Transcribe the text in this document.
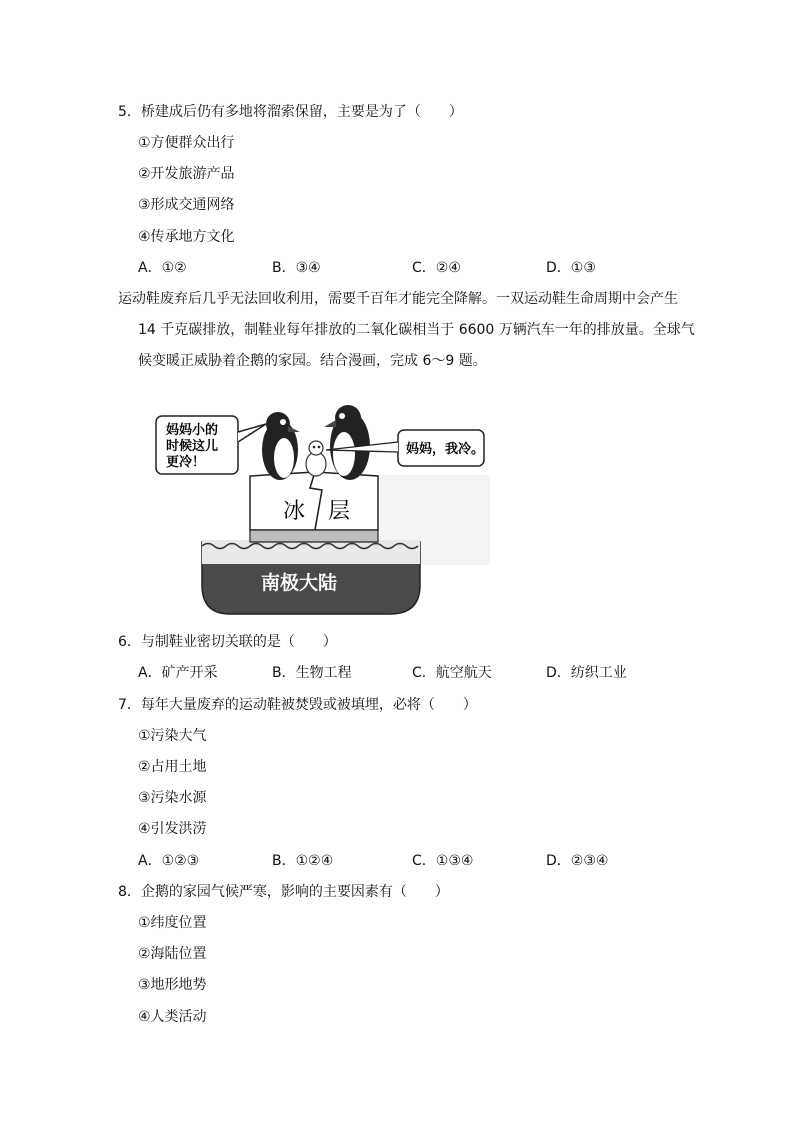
5．桥建成后仍有多地将溜索保留，主要是为了（　　）
①方便群众出行
②开发旅游产品
③形成交通网络
④传承地方文化
A．①②	B．③④	C．②④	D．①③
运动鞋废弃后几乎无法回收利用，需要千百年才能完全降解。一双运动鞋生命周期中会产生
14 千克碳排放，制鞋业每年排放的二氧化碳相当于 6600 万辆汽车一年的排放量。全球气
候变暖正威胁着企鹅的家园。结合漫画，完成 6～9 题。
妈妈小的
时候这儿
更冷！
妈妈，我冷。
冰 层
南极大陆
6．与制鞋业密切关联的是（　　）
A．矿产开采	B．生物工程	C．航空航天	D．纺织工业
7．每年大量废弃的运动鞋被焚毁或被填埋，必将（　　）
①污染大气
②占用土地
③污染水源
④引发洪涝
A．①②③	B．①②④	C．①③④	D．②③④
8．企鹅的家园气候严寒，影响的主要因素有（　　）
①纬度位置
②海陆位置
③地形地势
④人类活动
